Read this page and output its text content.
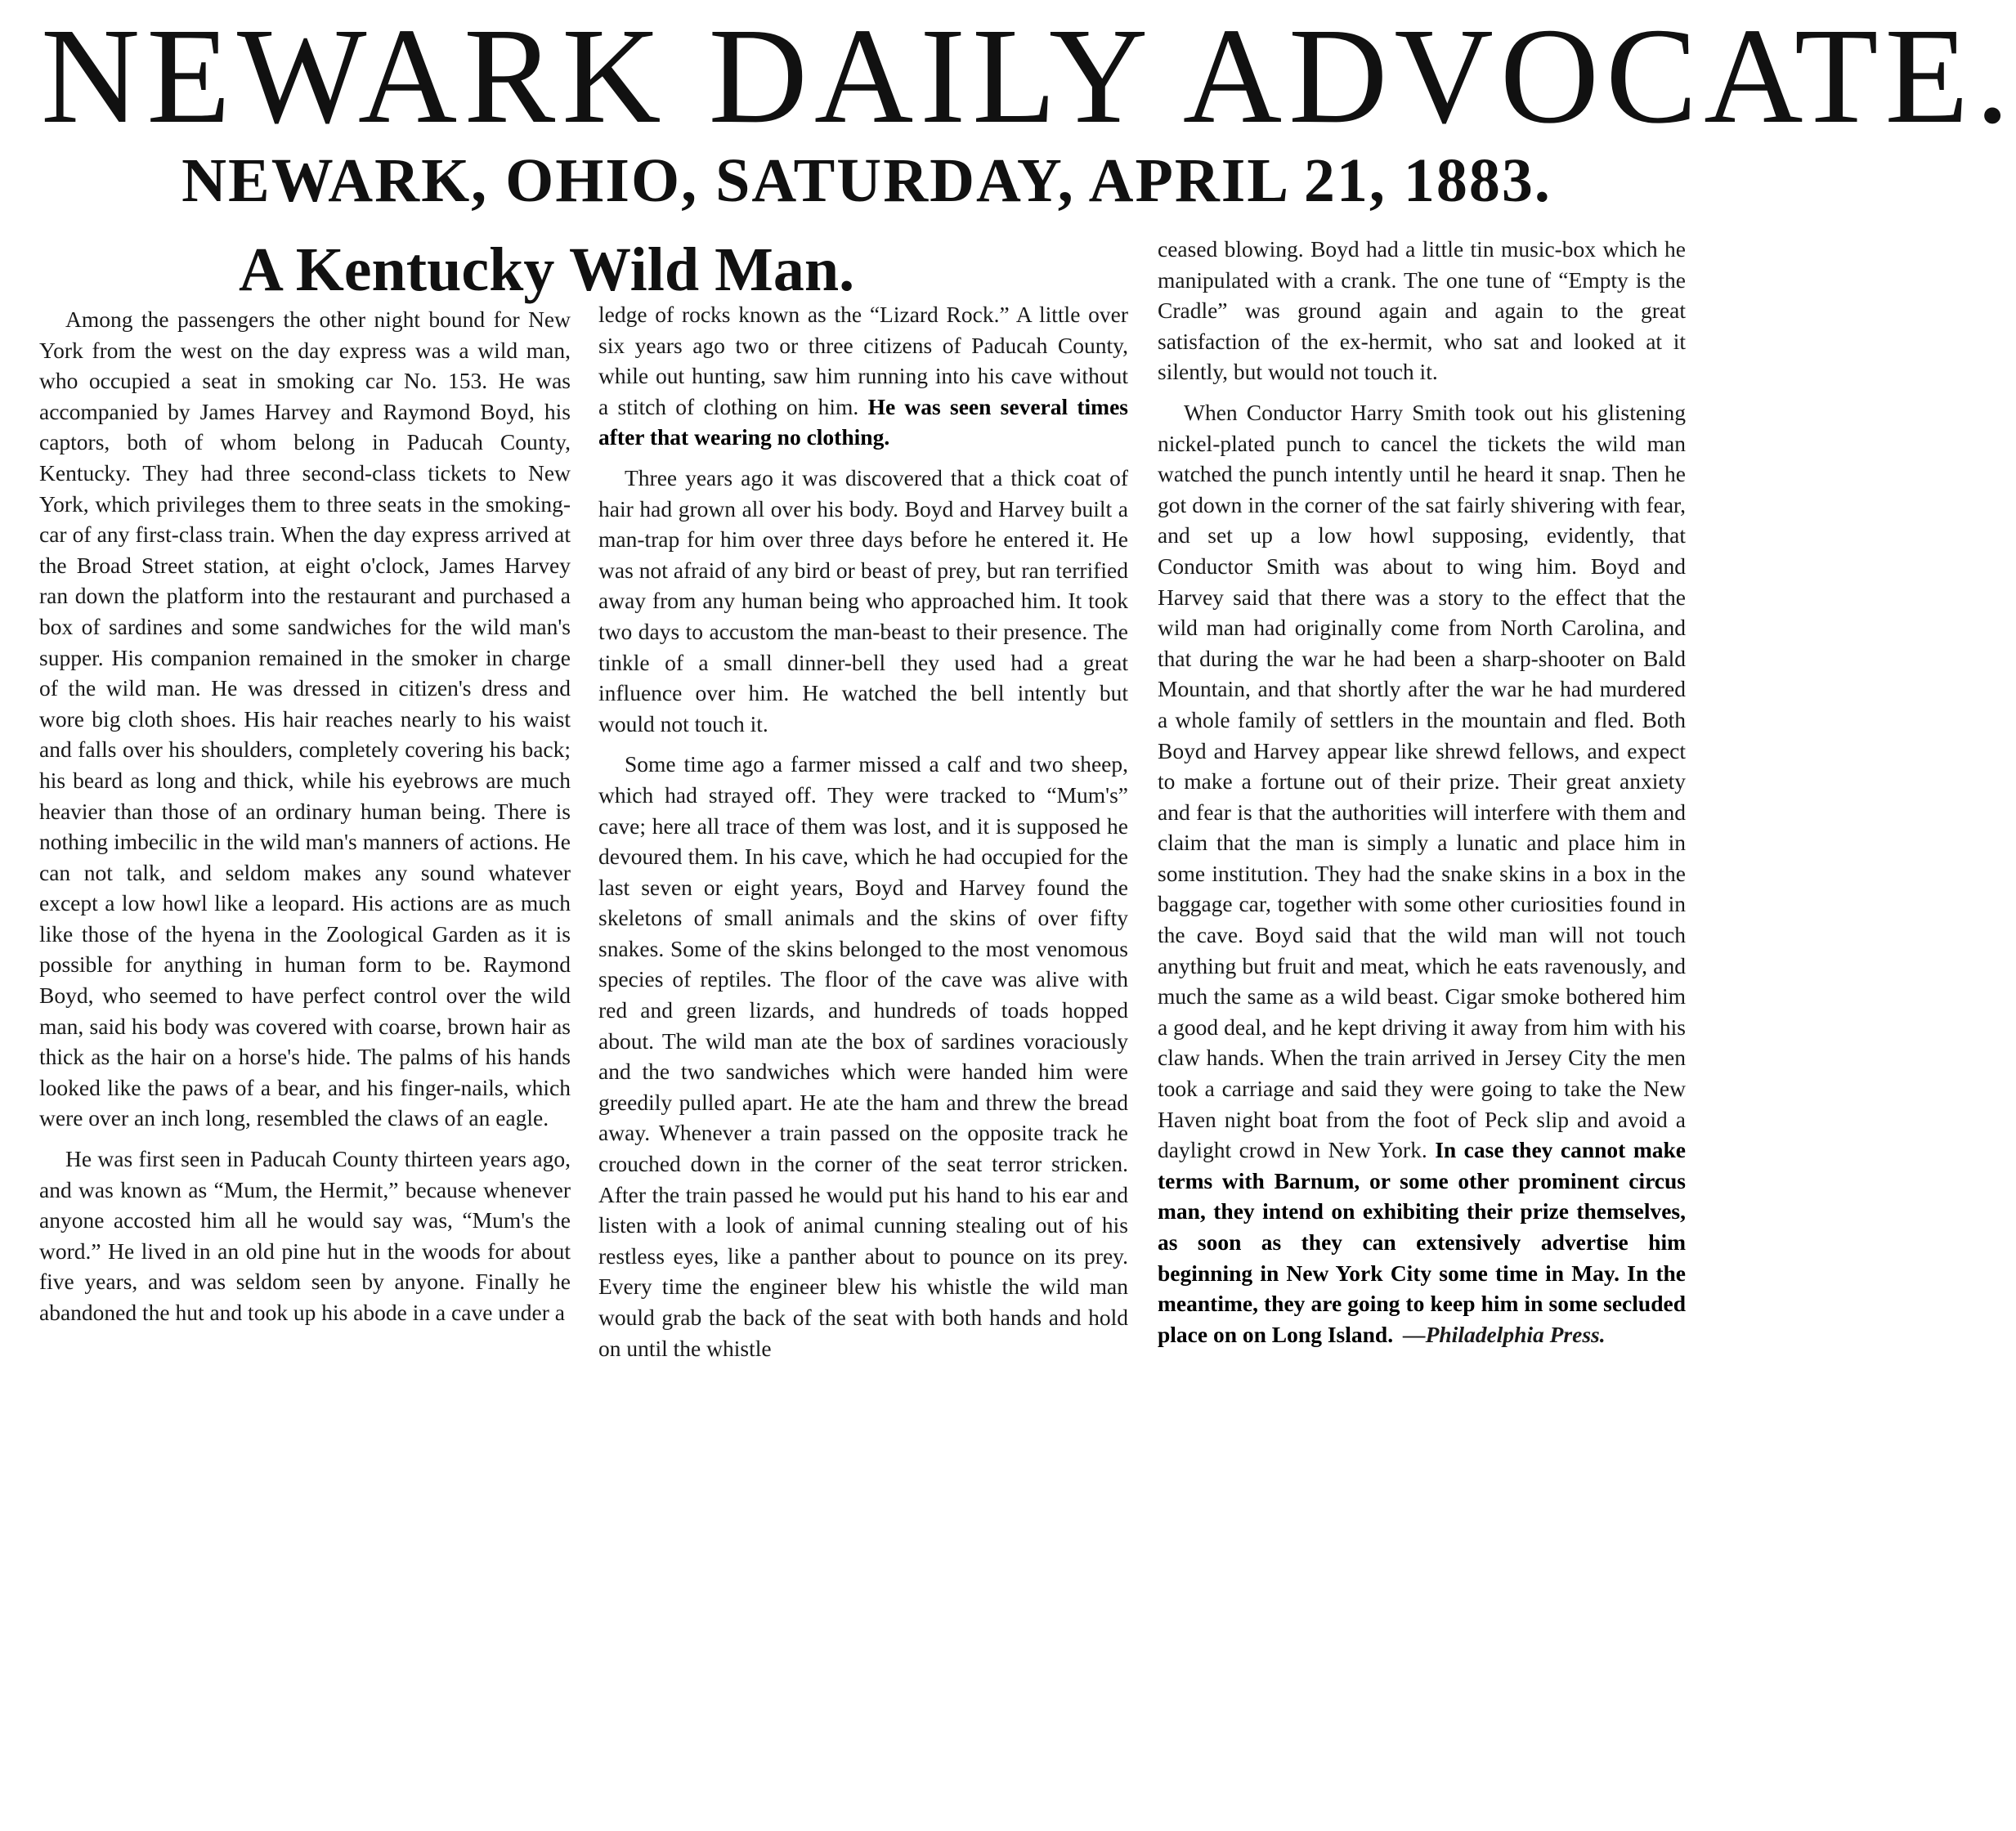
NEWARK DAILY ADVOCATE.
NEWARK, OHIO, SATURDAY, APRIL 21, 1883.
A Kentucky Wild Man.

Among the passengers the other night bound for New York from the west on the day express was a wild man, who occupied a seat in smoking car No. 153. He was accompanied by James Harvey and Raymond Boyd, his captors, both of whom belong in Paducah County, Kentucky. They had three second-class tickets to New York, which privileges them to three seats in the smoking-car of any first-class train. When the day express arrived at the Broad Street station, at eight o'clock, James Harvey ran down the platform into the restaurant and purchased a box of sardines and some sandwiches for the wild man's supper. His companion remained in the smoker in charge of the wild man. He was dressed in citizen's dress and wore big cloth shoes. His hair reaches nearly to his waist and falls over his shoulders, completely covering his back; his beard as long and thick, while his eyebrows are much heavier than those of an ordinary human being. There is nothing imbecilic in the wild man's manners of actions. He can not talk, and seldom makes any sound whatever except a low howl like a leopard. His actions are as much like those of the hyena in the Zoological Garden as it is possible for anything in human form to be. Raymond Boyd, who seemed to have perfect control over the wild man, said his body was covered with coarse, brown hair as thick as the hair on a horse's hide. The palms of his hands looked like the paws of a bear, and his finger-nails, which were over an inch long, resembled the claws of an eagle.

He was first seen in Paducah County thirteen years ago, and was known as “Mum, the Hermit,” because whenever anyone accosted him all he would say was, “Mum's the word.” He lived in an old pine hut in the woods for about five years, and was seldom seen by anyone. Finally he abandoned the hut and took up his abode in a cave under a

ledge of rocks known as the “Lizard Rock.” A little over six years ago two or three citizens of Paducah County, while out hunting, saw him running into his cave without a stitch of clothing on him. He was seen several times after that wearing no clothing.

Three years ago it was discovered that a thick coat of hair had grown all over his body. Boyd and Harvey built a man-trap for him over three days before he entered it. He was not afraid of any bird or beast of prey, but ran terrified away from any human being who approached him. It took two days to accustom the man-beast to their presence. The tinkle of a small dinner-bell they used had a great influence over him. He watched the bell intently but would not touch it.

Some time ago a farmer missed a calf and two sheep, which had strayed off. They were tracked to “Mum's” cave; here all trace of them was lost, and it is supposed he devoured them. In his cave, which he had occupied for the last seven or eight years, Boyd and Harvey found the skeletons of small animals and the skins of over fifty snakes. Some of the skins belonged to the most venomous species of reptiles. The floor of the cave was alive with red and green lizards, and hundreds of toads hopped about. The wild man ate the box of sardines voraciously and the two sandwiches which were handed him were greedily pulled apart. He ate the ham and threw the bread away. Whenever a train passed on the opposite track he crouched down in the corner of the seat terror stricken. After the train passed he would put his hand to his ear and listen with a look of animal cunning stealing out of his restless eyes, like a panther about to pounce on its prey. Every time the engineer blew his whistle the wild man would grab the back of the seat with both hands and hold on until the whistle

ceased blowing. Boyd had a little tin music-box which he manipulated with a crank. The one tune of “Empty is the Cradle” was ground again and again to the great satisfaction of the ex-hermit, who sat and looked at it silently, but would not touch it.

When Conductor Harry Smith took out his glistening nickel-plated punch to cancel the tickets the wild man watched the punch intently until he heard it snap. Then he got down in the corner of the sat fairly shivering with fear, and set up a low howl supposing, evidently, that Conductor Smith was about to wing him. Boyd and Harvey said that there was a story to the effect that the wild man had originally come from North Carolina, and that during the war he had been a sharp-shooter on Bald Mountain, and that shortly after the war he had murdered a whole family of settlers in the mountain and fled. Both Boyd and Harvey appear like shrewd fellows, and expect to make a fortune out of their prize. Their great anxiety and fear is that the authorities will interfere with them and claim that the man is simply a lunatic and place him in some institution. They had the snake skins in a box in the baggage car, together with some other curiosities found in the cave. Boyd said that the wild man will not touch anything but fruit and meat, which he eats ravenously, and much the same as a wild beast. Cigar smoke bothered him a good deal, and he kept driving it away from him with his claw hands. When the train arrived in Jersey City the men took a carriage and said they were going to take the New Haven night boat from the foot of Peck slip and avoid a daylight crowd in New York. In case they cannot make terms with Barnum, or some other prominent circus man, they intend on exhibiting their prize themselves, as soon as they can extensively advertise him beginning in New York City some time in May. In the meantime, they are going to keep him in some secluded place on on Long Island. —Philadelphia Press.
